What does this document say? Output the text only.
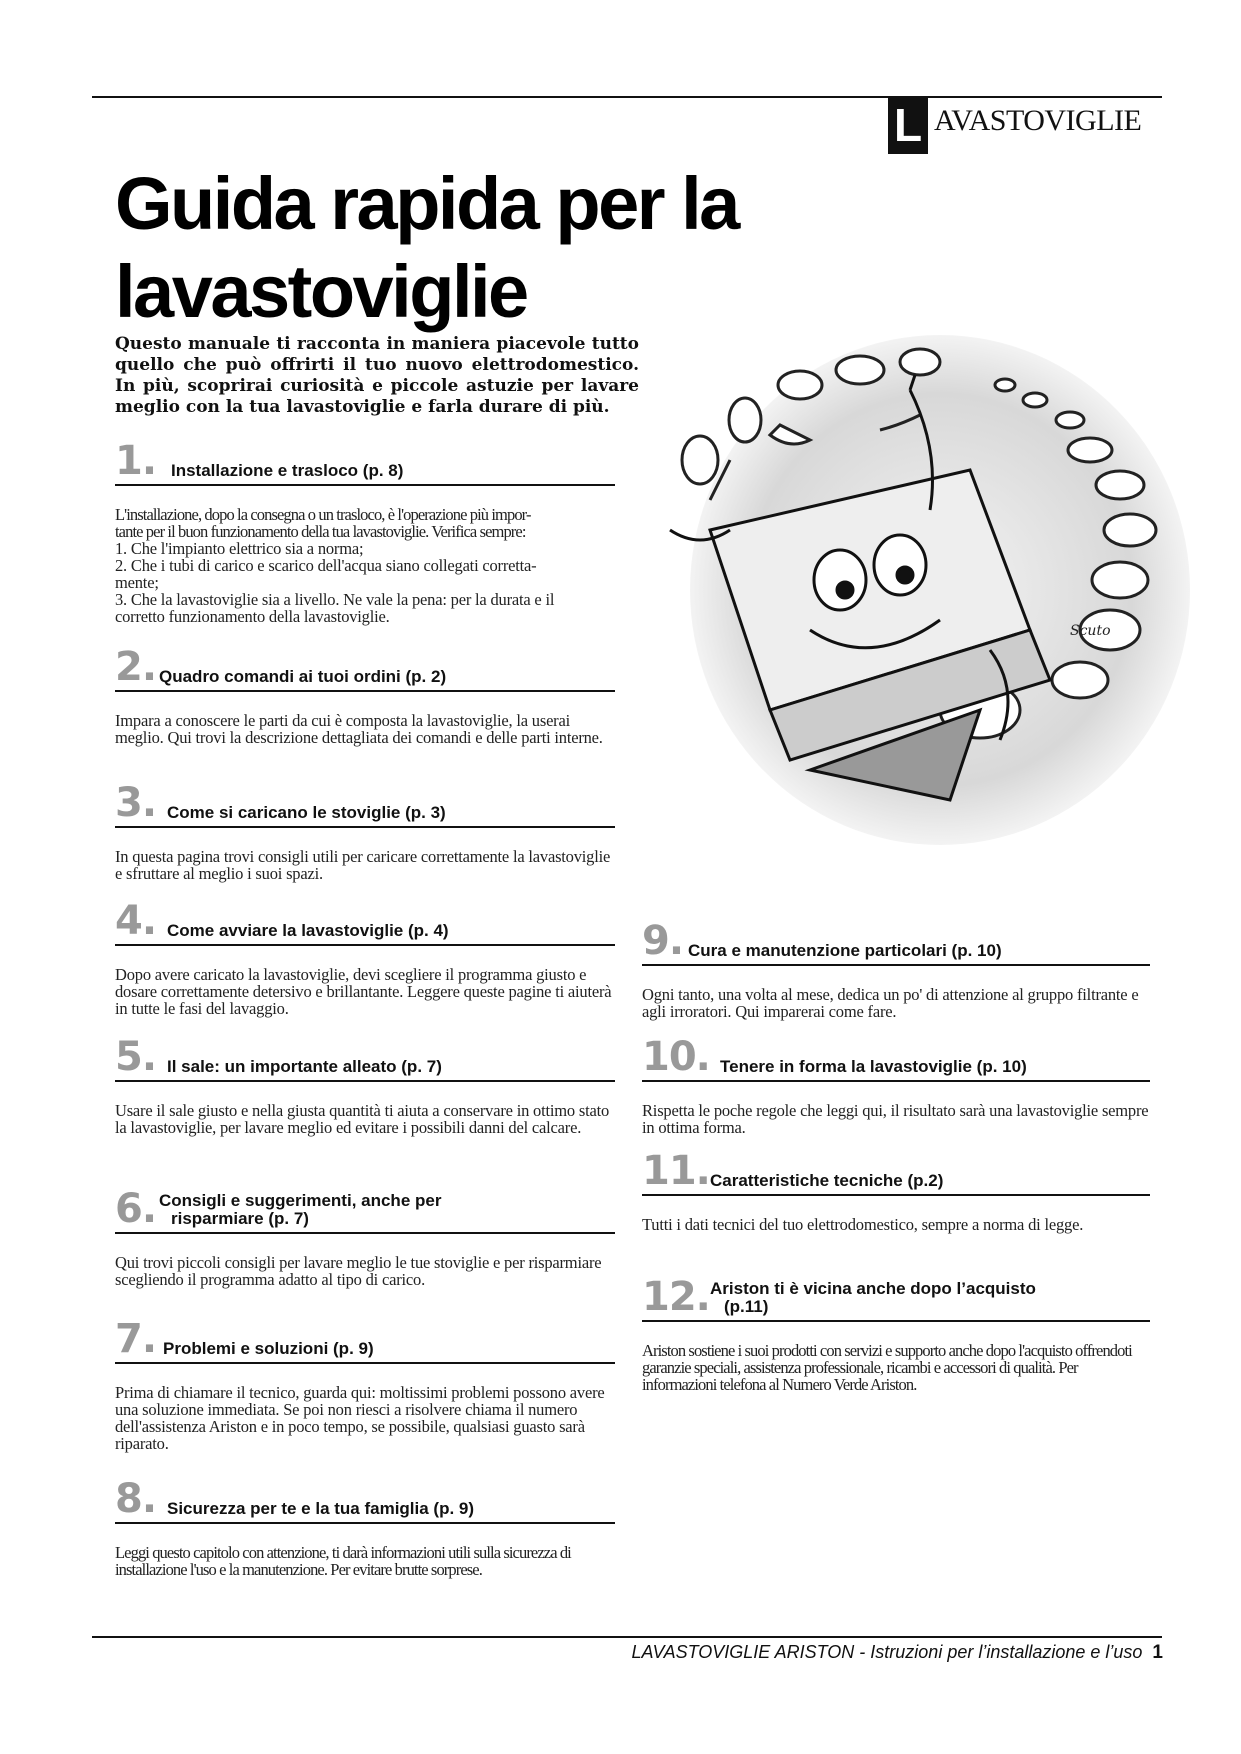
L AVASTOVIGLIE
Guida rapida per la lavastoviglie

Questo manuale ti racconta in maniera piacevole tutto quello che può offrirti il tuo nuovo elettrodomestico. In più, scoprirai curiosità e piccole astuzie per lavare meglio con la tua lavastoviglie e farla durare di più.

Scuto
1. Installazione e trasloco (p. 8)
L'installazione, dopo la consegna o un trasloco, è l'operazione più impor-
tante per il buon funzionamento della tua lavastoviglie. Verifica sempre:
1. Che l'impianto elettrico sia a norma;
2. Che i tubi di carico e scarico dell'acqua siano collegati corretta-
mente;
3. Che la lavastoviglie sia a livello. Ne vale la pena: per la durata e il
corretto funzionamento della lavastoviglie.
2. Quadro comandi ai tuoi ordini (p. 2)
Impara a conoscere le parti da cui è composta la lavastoviglie, la userai meglio. Qui trovi la descrizione dettagliata dei comandi e delle parti interne.
3. Come si caricano le stoviglie (p. 3)
In questa pagina trovi consigli utili per caricare correttamente la lavastoviglie e sfruttare al meglio i suoi spazi.
4. Come avviare la lavastoviglie (p. 4)
Dopo avere caricato la lavastoviglie, devi scegliere il programma giusto e dosare correttamente detersivo e brillantante. Leggere queste pagine ti aiuterà in tutte le fasi del lavaggio.
5. Il sale: un importante alleato (p. 7)
Usare il sale giusto e nella giusta quantità ti aiuta a conservare in ottimo stato la lavastoviglie, per lavare meglio ed evitare i possibili danni del calcare.
6. Consigli e suggerimenti, anche per
risparmiare (p. 7)
Qui trovi piccoli consigli per lavare meglio le tue stoviglie e per risparmiare scegliendo il programma adatto al tipo di carico.
7. Problemi e soluzioni (p. 9)
Prima di chiamare il tecnico, guarda qui: moltissimi problemi possono avere una soluzione immediata. Se poi non riesci a risolvere chiama il numero dell'assistenza Ariston e in poco tempo, se possibile, qualsiasi guasto sarà riparato.
8. Sicurezza per te e la tua famiglia (p. 9)
Leggi questo capitolo con attenzione, ti darà informazioni utili sulla sicurezza di installazione l'uso e la manutenzione. Per evitare brutte sorprese.
9. Cura e manutenzione particolari (p. 10)
Ogni tanto, una volta al mese, dedica un po' di attenzione al gruppo filtrante e agli irroratori. Qui imparerai come fare.
10. Tenere in forma la lavastoviglie (p. 10)
Rispetta le poche regole che leggi qui, il risultato sarà una lavastoviglie sempre in ottima forma.
11. Caratteristiche tecniche (p.2)
Tutti i dati tecnici del tuo elettrodomestico, sempre a norma di legge.
12. Ariston ti è vicina anche dopo l’acquisto
(p.11)
Ariston sostiene i suoi prodotti con servizi e supporto anche dopo l'acquisto offrendoti garanzie speciali, assistenza professionale, ricambi e accessori di qualità. Per informazioni telefona al Numero Verde Ariston.
LAVASTOVIGLIE ARISTON - Istruzioni per l’installazione e l’uso 1
